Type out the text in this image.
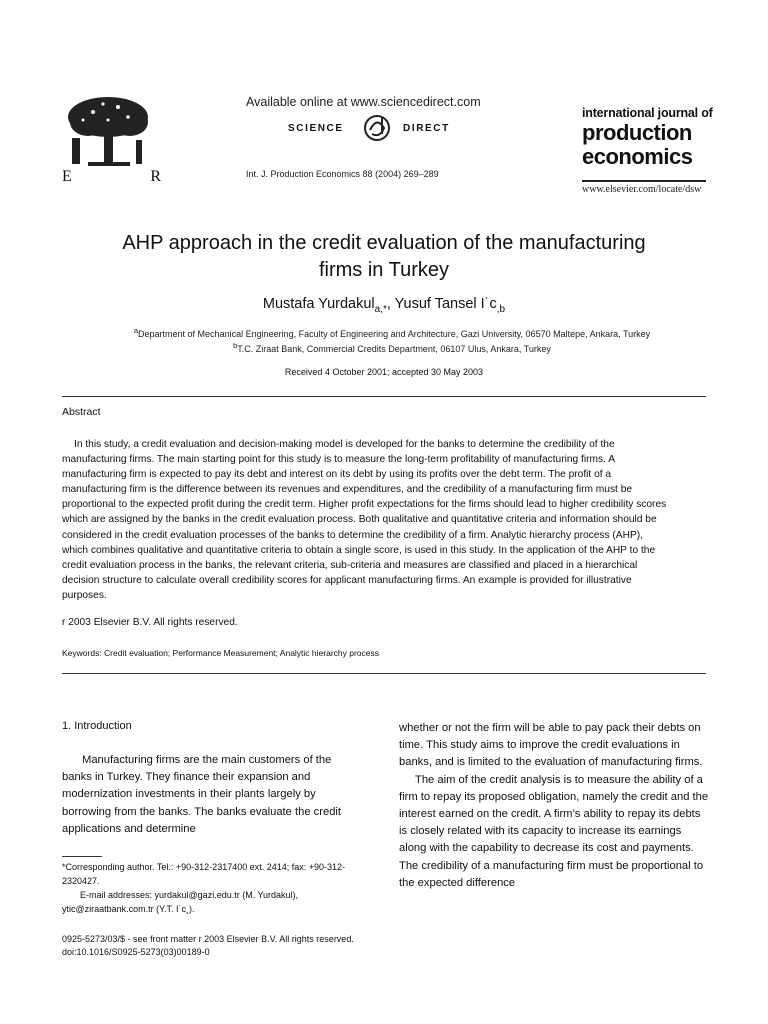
E	R
Available online at www.sciencedirect.com
SCIENCE	DIRECT
Int. J. Production Economics 88 (2004) 269–289
international journal of
production
economics
www.elsevier.com/locate/dsw
AHP approach in the credit evaluation of the manufacturing firms in Turkey
Mustafa Yurdakul$_{a,*}$, Yusuf Tansel $I˙c_{,b}$
$^a$Department of Mechanical Engineering, Faculty of Engineering and Architecture, Gazi University, 06570 Maltepe, Ankara, Turkey
$^b$T.C. Ziraat Bank, Commercial Credits Department, 06107 Ulus, Ankara, Turkey
Received 4 October 2001; accepted 30 May 2003
Abstract
In this study, a credit evaluation and decision-making model is developed for the banks to determine the credibility of the manufacturing firms. The main starting point for this study is to measure the long-term profitability of manufacturing firms. A manufacturing firm is expected to pay its debt and interest on its debt by using its profits over the debt term. The profit of a manufacturing firm is the difference between its revenues and expenditures, and the credibility of a manufacturing firm must be proportional to the expected profit during the credit term. Higher profit expectations for the firms should lead to higher credibility scores which are assigned by the banks in the credit evaluation process. Both qualitative and quantitative criteria and information should be considered in the credit evaluation processes of the banks to determine the credibility of a firm. Analytic hierarchy process (AHP), which combines qualitative and quantitative criteria to obtain a single score, is used in this study. In the application of the AHP to the credit evaluation process in the banks, the relevant criteria, sub-criteria and measures are classified and placed in a hierarchical decision structure to calculate overall credibility scores for applicant manufacturing firms. An example is provided for illustrative purposes.
r 2003 Elsevier B.V. All rights reserved.
Keywords: Credit evaluation; Performance Measurement; Analytic hierarchy process
1. Introduction
Manufacturing firms are the main customers of the banks in Turkey. They finance their expansion and modernization investments in their plants largely by borrowing from the banks. The banks evaluate the credit applications and determine
whether or not the firm will be able to pay pack their debts on time. This study aims to improve the credit evaluations in banks, and is limited to the evaluation of manufacturing firms.
The aim of the credit analysis is to measure the ability of a firm to repay its proposed obligation, namely the credit and the interest earned on the credit. A firm’s ability to repay its debts is closely related with its capacity to increase its earnings along with the capability to decrease its cost and payments. The credibility of a manufacturing firm must be proportional to the expected difference
*Corresponding author. Tel.: +90-312-2317400 ext. 2414; fax: +90-312-2320427.
E-mail addresses: yurdakul@gazi.edu.tr (M. Yurdakul), ytic@ziraatbank.com.tr (Y.T. I˙c¸).
0925-5273/03/$ - see front matter r 2003 Elsevier B.V. All rights reserved.
doi:10.1016/S0925-5273(03)00189-0
